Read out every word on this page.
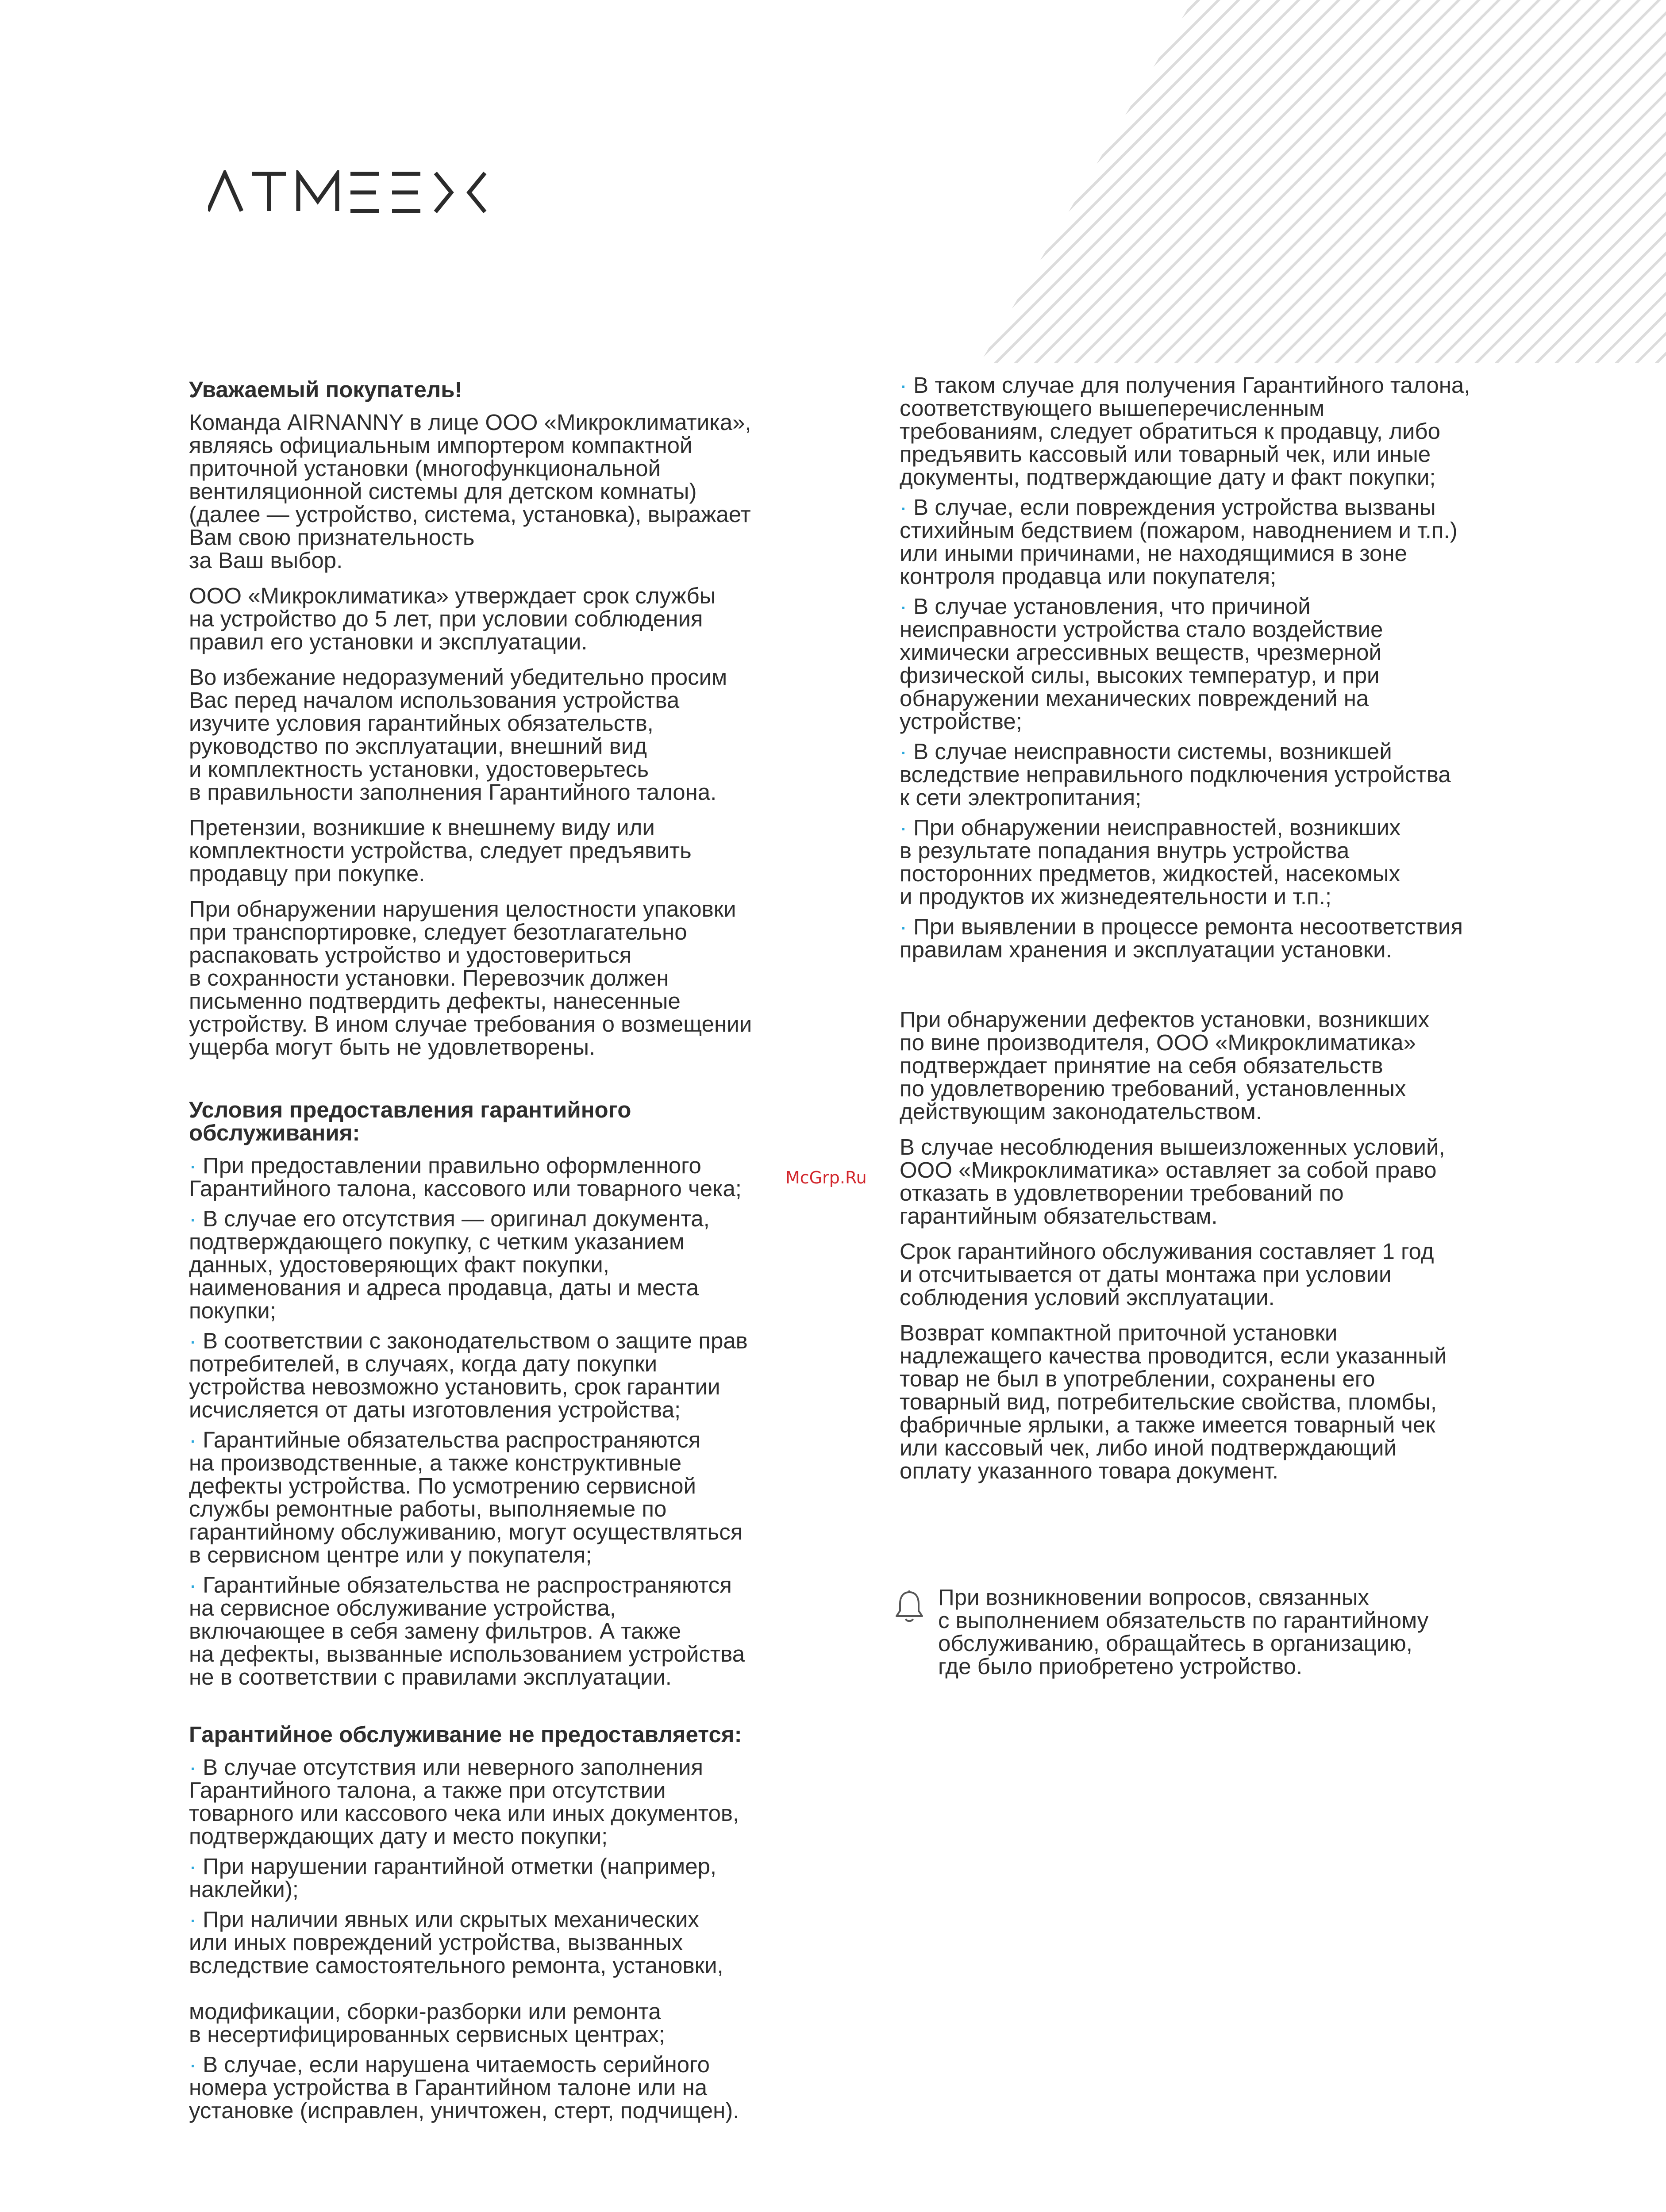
Уважаемый покупатель!

Команда AIRNANNY в лице ООО «Микроклиматика»,
являясь официальным импортером компактной
приточной установки (многофункциональной
вентиляционной системы для детском комнаты)
(далее — устройство, система, установка), выражает
Вам свою признательность
за Ваш выбор.

ООО «Микроклиматика» утверждает срок службы
на устройство до 5 лет, при условии соблюдения
правил его установки и эксплуатации.

Во избежание недоразумений убедительно просим
Вас перед началом использования устройства
изучите условия гарантийных обязательств,
руководство по эксплуатации, внешний вид
и комплектность установки, удостоверьтесь
в правильности заполнения Гарантийного талона.

Претензии, возникшие к внешнему виду или
комплектности устройства, следует предъявить
продавцу при покупке.

При обнаружении нарушения целостности упаковки
при транспортировке, следует безотлагательно
распаковать устройство и удостовериться
в сохранности установки. Перевозчик должен
письменно подтвердить дефекты, нанесенные
устройству. В ином случае требования о возмещении
ущерба могут быть не удовлетворены.

Условия предоставления гарантийного
обслуживания:
· При предоставлении правильно оформленного
Гарантийного талона, кассового или товарного чека;
· В случае его отсутствия — оригинал документа,
подтверждающего покупку, с четким указанием
данных, удостоверяющих факт покупки,
наименования и адреса продавца, даты и места
покупки;
· В соответствии с законодательством о защите прав
потребителей, в случаях, когда дату покупки
устройства невозможно установить, срок гарантии
исчисляется от даты изготовления устройства;
· Гарантийные обязательства распространяются
на производственные, а также конструктивные
дефекты устройства. По усмотрению сервисной
службы ремонтные работы, выполняемые по
гарантийному обслуживанию, могут осуществляться
в сервисном центре или у покупателя;
· Гарантийные обязательства не распространяются
на сервисное обслуживание устройства,
включающее в себя замену фильтров. А также
на дефекты, вызванные использованием устройства
не в соответствии с правилами эксплуатации.
Гарантийное обслуживание не предоставляется:
· В случае отсутствия или неверного заполнения
Гарантийного талона, а также при отсутствии
товарного или кассового чека или иных документов,
подтверждающих дату и место покупки;
· При нарушении гарантийной отметки (например,
наклейки);
· При наличии явных или скрытых механических
или иных повреждений устройства, вызванных
вследствие самостоятельного ремонта, установки,

модификации, сборки-разборки или ремонта
в несертифицированных сервисных центрах;
· В случае, если нарушена читаемость серийного
номера устройства в Гарантийном талоне или на
установке (исправлен, уничтожен, стерт, подчищен).
· В таком случае для получения Гарантийного талона,
соответствующего вышеперечисленным
требованиям, следует обратиться к продавцу, либо
предъявить кассовый или товарный чек, или иные
документы, подтверждающие дату и факт покупки;
· В случае, если повреждения устройства вызваны
стихийным бедствием (пожаром, наводнением и т.п.)
или иными причинами, не находящимися в зоне
контроля продавца или покупателя;
· В случае установления, что причиной
неисправности устройства стало воздействие
химически агрессивных веществ, чрезмерной
физической силы, высоких температур, и при
обнаружении механических повреждений на
устройстве;
· В случае неисправности системы, возникшей
вследствие неправильного подключения устройства
к сети электропитания;
· При обнаружении неисправностей, возникших
в результате попадания внутрь устройства
посторонних предметов, жидкостей, насекомых
и продуктов их жизнедеятельности и т.п.;
· При выявлении в процессе ремонта несоответствия
правилам хранения и эксплуатации установки.

При обнаружении дефектов установки, возникших
по вине производителя, ООО «Микроклиматика»
подтверждает принятие на себя обязательств
по удовлетворению требований, установленных
действующим законодательством.

В случае несоблюдения вышеизложенных условий,
ООО «Микроклиматика» оставляет за собой право
отказать в удовлетворении требований по
гарантийным обязательствам.

Срок гарантийного обслуживания составляет 1 год
и отсчитывается от даты монтажа при условии
соблюдения условий эксплуатации.

Возврат компактной приточной установки
надлежащего качества проводится, если указанный
товар не был в употреблении, сохранены его
товарный вид, потребительские свойства, пломбы,
фабричные ярлыки, а также имеется товарный чек
или кассовый чек, либо иной подтверждающий
оплату указанного товара документ.

При возникновении вопросов, связанных
с выполнением обязательств по гарантийному
обслуживанию, обращайтесь в организацию,
где было приобретено устройство.
McGrp.Ru
